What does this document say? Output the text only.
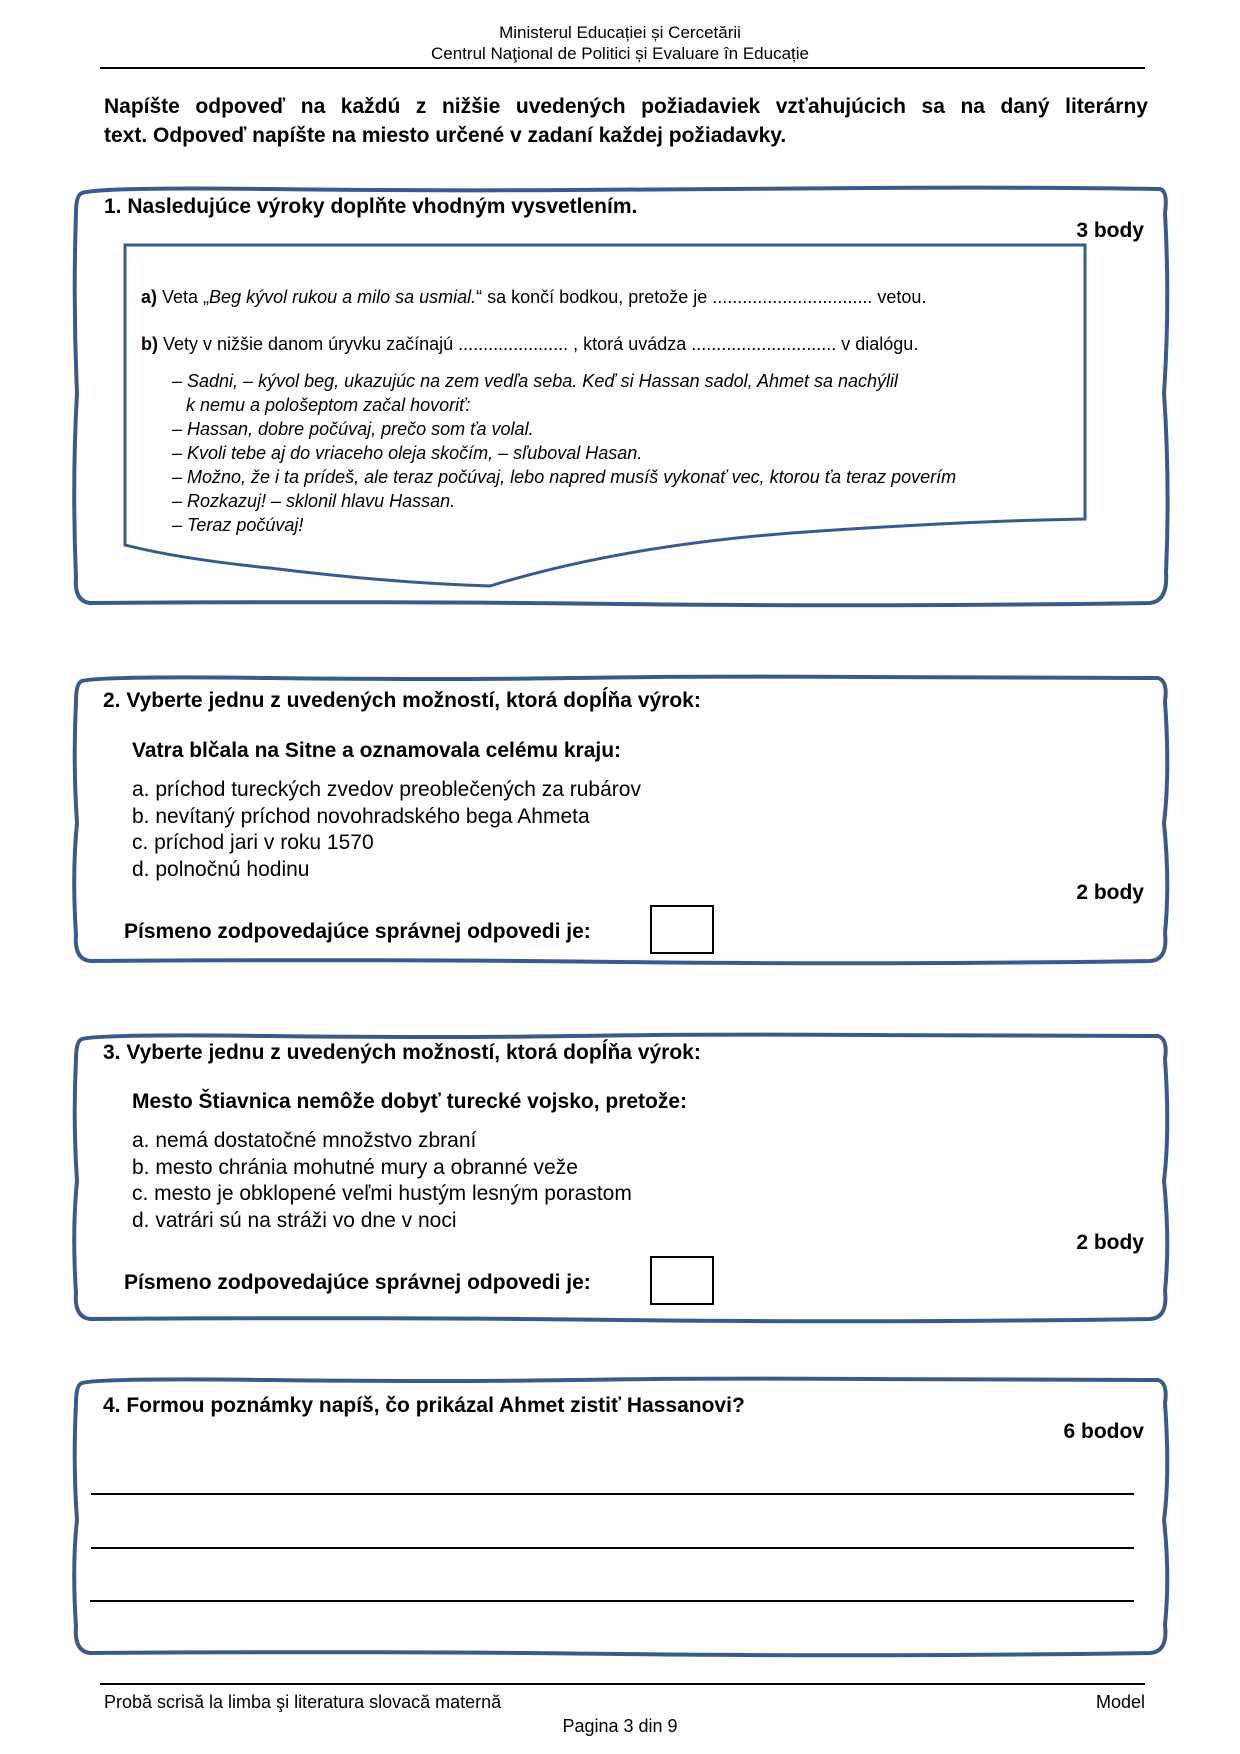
Ministerul Educației și Cercetării
Centrul Naţional de Politici și Evaluare în Educație
Napíšte odpoveď na každú z nižšie uvedených požiadaviek vzťahujúcich sa na daný literárny
text. Odpoveď napíšte na miesto určené v zadaní každej požiadavky.
1. Nasledujúce výroky doplňte vhodným vysvetlením.
3 body
a) Veta „Beg kývol rukou a milo sa usmial.“ sa končí bodkou, pretože je ................................ vetou.
b) Vety v nižšie danom úryvku začínajú ...................... , ktorá uvádza ............................. v dialógu.
– Sadni, – kývol beg, ukazujúc na zem vedľa seba. Keď si Hassan sadol, Ahmet sa nachýlil
k nemu a pološeptom začal hovoriť:
– Hassan, dobre počúvaj, prečo som ťa volal.
– Kvoli tebe aj do vriaceho oleja skočím, – sľuboval Hasan.
– Možno, že i ta prídeš, ale teraz počúvaj, lebo napred musíš vykonať vec, ktorou ťa teraz poverím
– Rozkazuj! – sklonil hlavu Hassan.
– Teraz počúvaj!
2. Vyberte jednu z uvedených možností, ktorá dopĺňa výrok:
Vatra blčala na Sitne a oznamovala celému kraju:
a. príchod tureckých zvedov preoblečených za rubárov
b. nevítaný príchod novohradského bega Ahmeta
c. príchod jari v roku 1570
d. polnočnú hodinu
2 body
Písmeno zodpovedajúce správnej odpovedi je:
3. Vyberte jednu z uvedených možností, ktorá dopĺňa výrok:
Mesto Štiavnica nemôže dobyť turecké vojsko, pretože:
a. nemá dostatočné množstvo zbraní
b. mesto chránia mohutné mury a obranné veže
c. mesto je obklopené veľmi hustým lesným porastom
d. vatrári sú na stráži vo dne v noci
2 body
Písmeno zodpovedajúce správnej odpovedi je:
4. Formou poznámky napíš, čo prikázal Ahmet zistiť Hassanovi?
6 bodov
Probă scrisă la limba şi literatura slovacă maternă	Model
Pagina 3 din 9
